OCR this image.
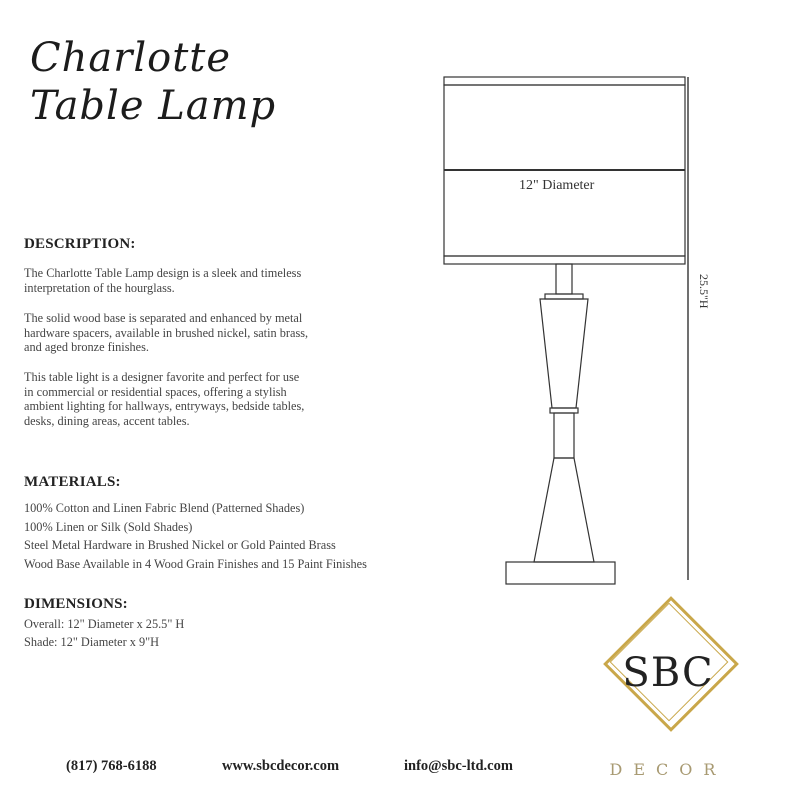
Charlotte
Table Lamp
DESCRIPTION:
The Charlotte Table Lamp design is a sleek and timeless interpretation of the hourglass.
The solid wood base is separated and enhanced by metal hardware spacers, available in brushed nickel, satin brass, and aged bronze finishes.
This table light is a designer favorite and perfect for use in commercial or residential spaces, offering a stylish ambient lighting for hallways, entryways, bedside tables, desks, dining areas, accent tables.
MATERIALS:
100% Cotton and Linen Fabric Blend (Patterned Shades)
100% Linen or Silk (Sold Shades)
Steel Metal Hardware in Brushed Nickel or Gold Painted Brass
Wood Base Available in 4 Wood Grain Finishes and 15 Paint Finishes
DIMENSIONS:
Overall: 12" Diameter x 25.5" H
Shade: 12" Diameter x 9"H
12" Diameter
25.5"H
SBC
DECOR
(817) 768-6188	www.sbcdecor.com	info@sbc-ltd.com
